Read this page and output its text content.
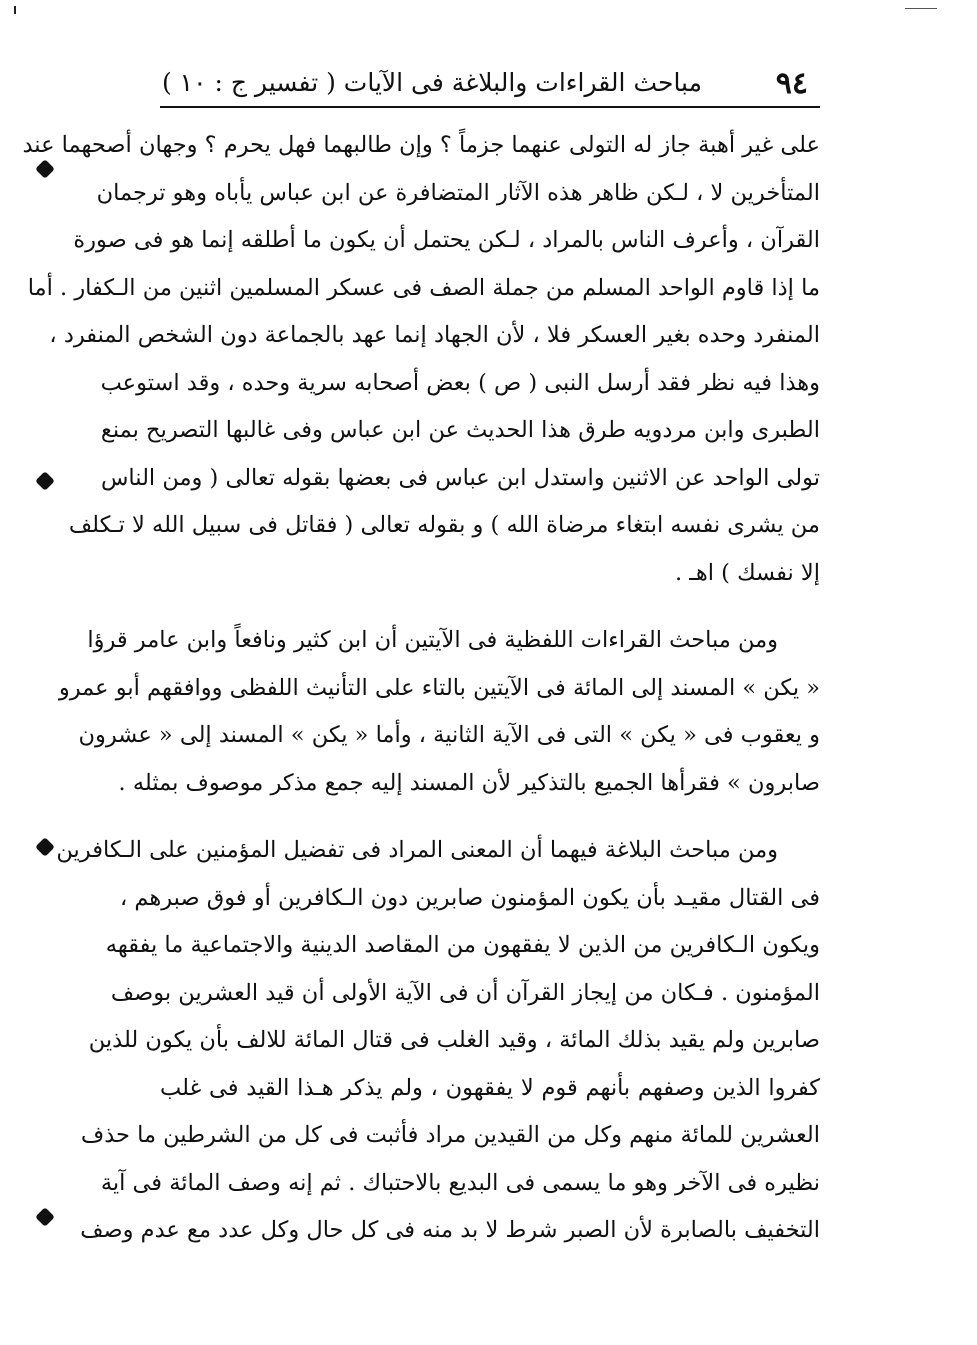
٩٤
مباحث القراءات والبلاغة فى الآيات ( تفسير ج : ١٠ )
على غير أهبة جاز له التولى عنهما جزماً ؟ وإن طالبهما فهل يحرم ؟ وجهان أصحهما عند
المتأخرين لا ، لـكن ظاهر هذه الآثار المتضافرة عن ابن عباس يأباه وهو ترجمان
القرآن ، وأعرف الناس بالمراد ، لـكن يحتمل أن يكون ما أطلقه إنما هو فى صورة
ما إذا قاوم الواحد المسلم من جملة الصف فى عسكر المسلمين اثنين من الـكفار . أما
المنفرد وحده بغير العسكر فلا ، لأن الجهاد إنما عهد بالجماعة دون الشخص المنفرد ،
وهذا فيه نظر فقد أرسل النبى ( ص ) بعض أصحابه سرية وحده ، وقد استوعب
الطبرى وابن مردويه طرق هذا الحديث عن ابن عباس وفى غالبها التصريح بمنع
تولى الواحد عن الاثنين واستدل ابن عباس فى بعضها بقوله تعالى ( ومن الناس
من يشرى نفسه ابتغاء مرضاة الله ) و بقوله تعالى ( فقاتل فى سبيل الله لا تـكلف
إلا نفسك ) اهـ .
ومن مباحث القراءات اللفظية فى الآيتين أن ابن كثير ونافعاً وابن عامر قرؤا
« يكن » المسند إلى المائة فى الآيتين بالتاء على التأنيث اللفظى ووافقهم أبو عمرو
و يعقوب فى « يكن » التى فى الآية الثانية ، وأما « يكن » المسند إلى « عشرون
صابرون » فقرأها الجميع بالتذكير لأن المسند إليه جمع مذكر موصوف بمثله .
ومن مباحث البلاغة فيهما أن المعنى المراد فى تفضيل المؤمنين على الـكافرين
فى القتال مقيـد بأن يكون المؤمنون صابرين دون الـكافرين أو فوق صبرهم ،
ويكون الـكافرين من الذين لا يفقهون من المقاصد الدينية والاجتماعية ما يفقهه
المؤمنون . فـكان من إيجاز القرآن أن فى الآية الأولى أن قيد العشرين بوصف
صابرين ولم يقيد بذلك المائة ، وقيد الغلب فى قتال المائة للالف بأن يكون للذين
كفروا الذين وصفهم بأنهم قوم لا يفقهون ، ولم يذكر هـذا القيد فى غلب
العشرين للمائة منهم وكل من القيدين مراد فأثبت فى كل من الشرطين ما حذف
نظيره فى الآخر وهو ما يسمى فى البديع بالاحتباك . ثم إنه وصف المائة فى آية
التخفيف بالصابرة لأن الصبر شرط لا بد منه فى كل حال وكل عدد مع عدم وصف
